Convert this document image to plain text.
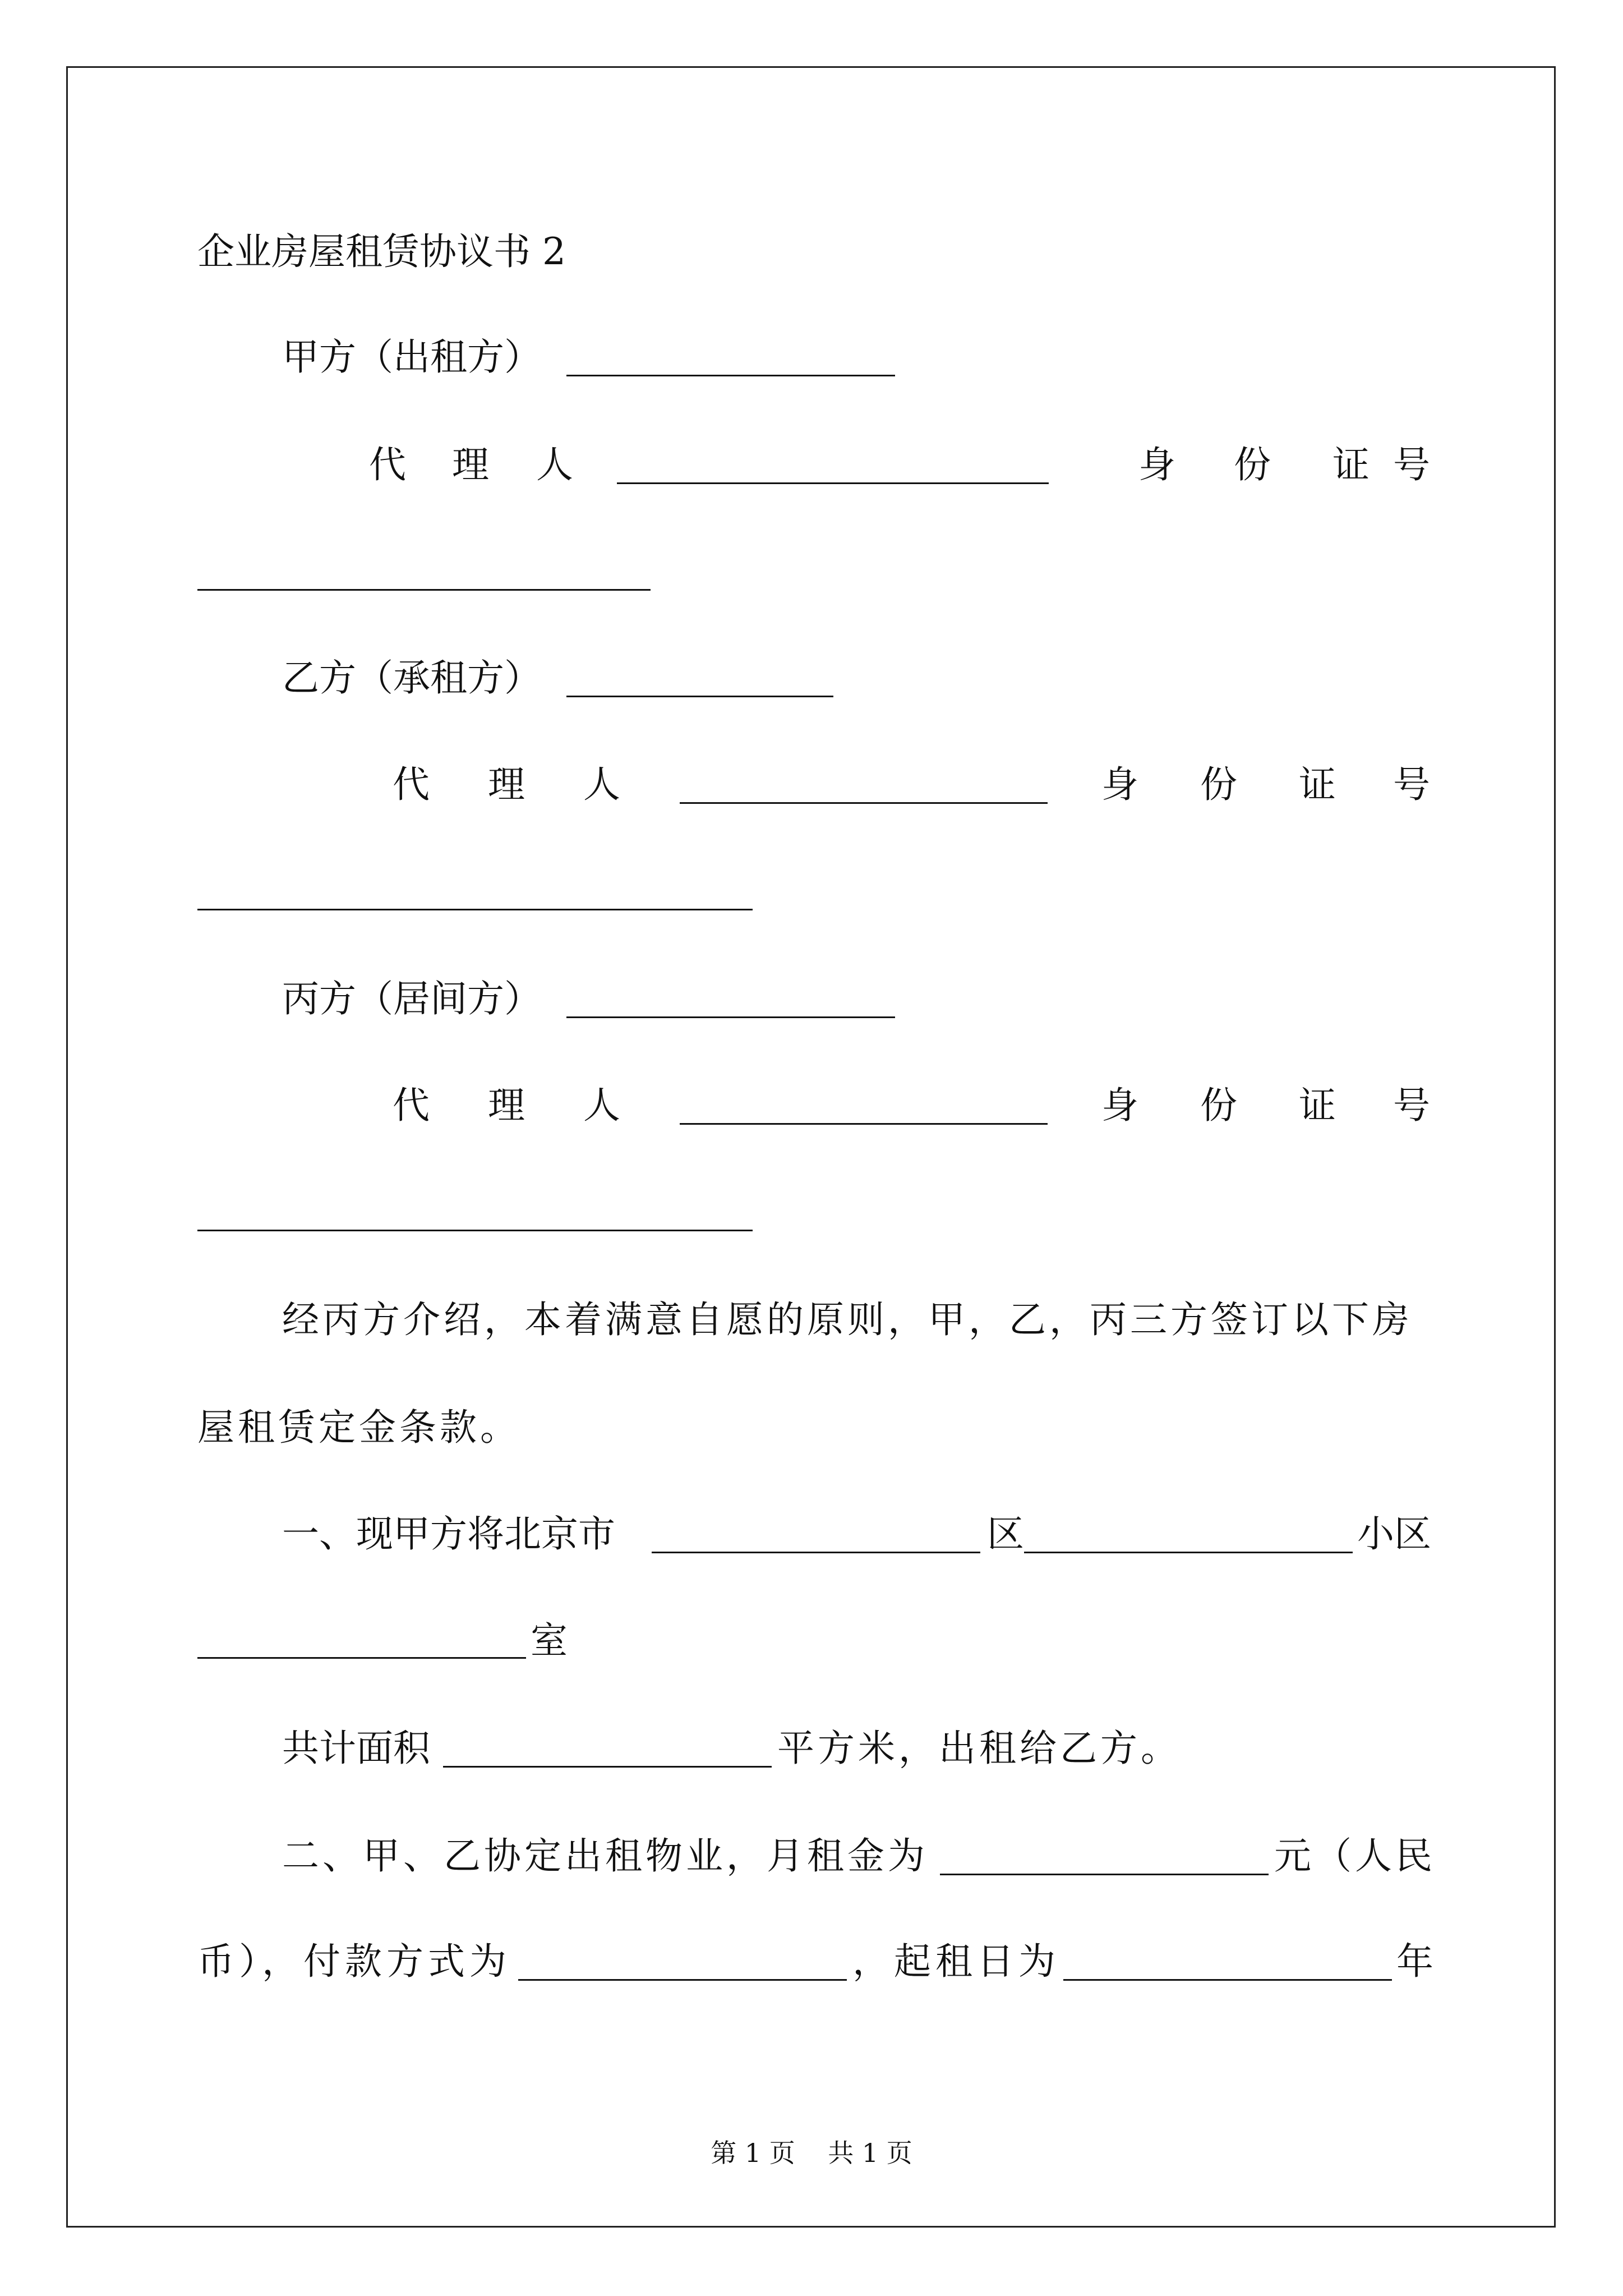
企业房屋租赁协议书 2
甲方（出租方）
代 理 人	身 份 证 号
乙方（承租方）
代 理 人	身 份 证 号
丙方（居间方）
代 理 人	身 份 证 号
经丙方介绍，本着满意自愿的原则，甲，乙，丙三方签订以下房
屋租赁定金条款。
一、现甲方将北京市	区	小区
室
共计面积	平方米，出租给乙方。
二、甲、乙协定出租物业，月租金为	元（人民
币），付款方式为	，起租日为	年
第 1 页    共 1 页
